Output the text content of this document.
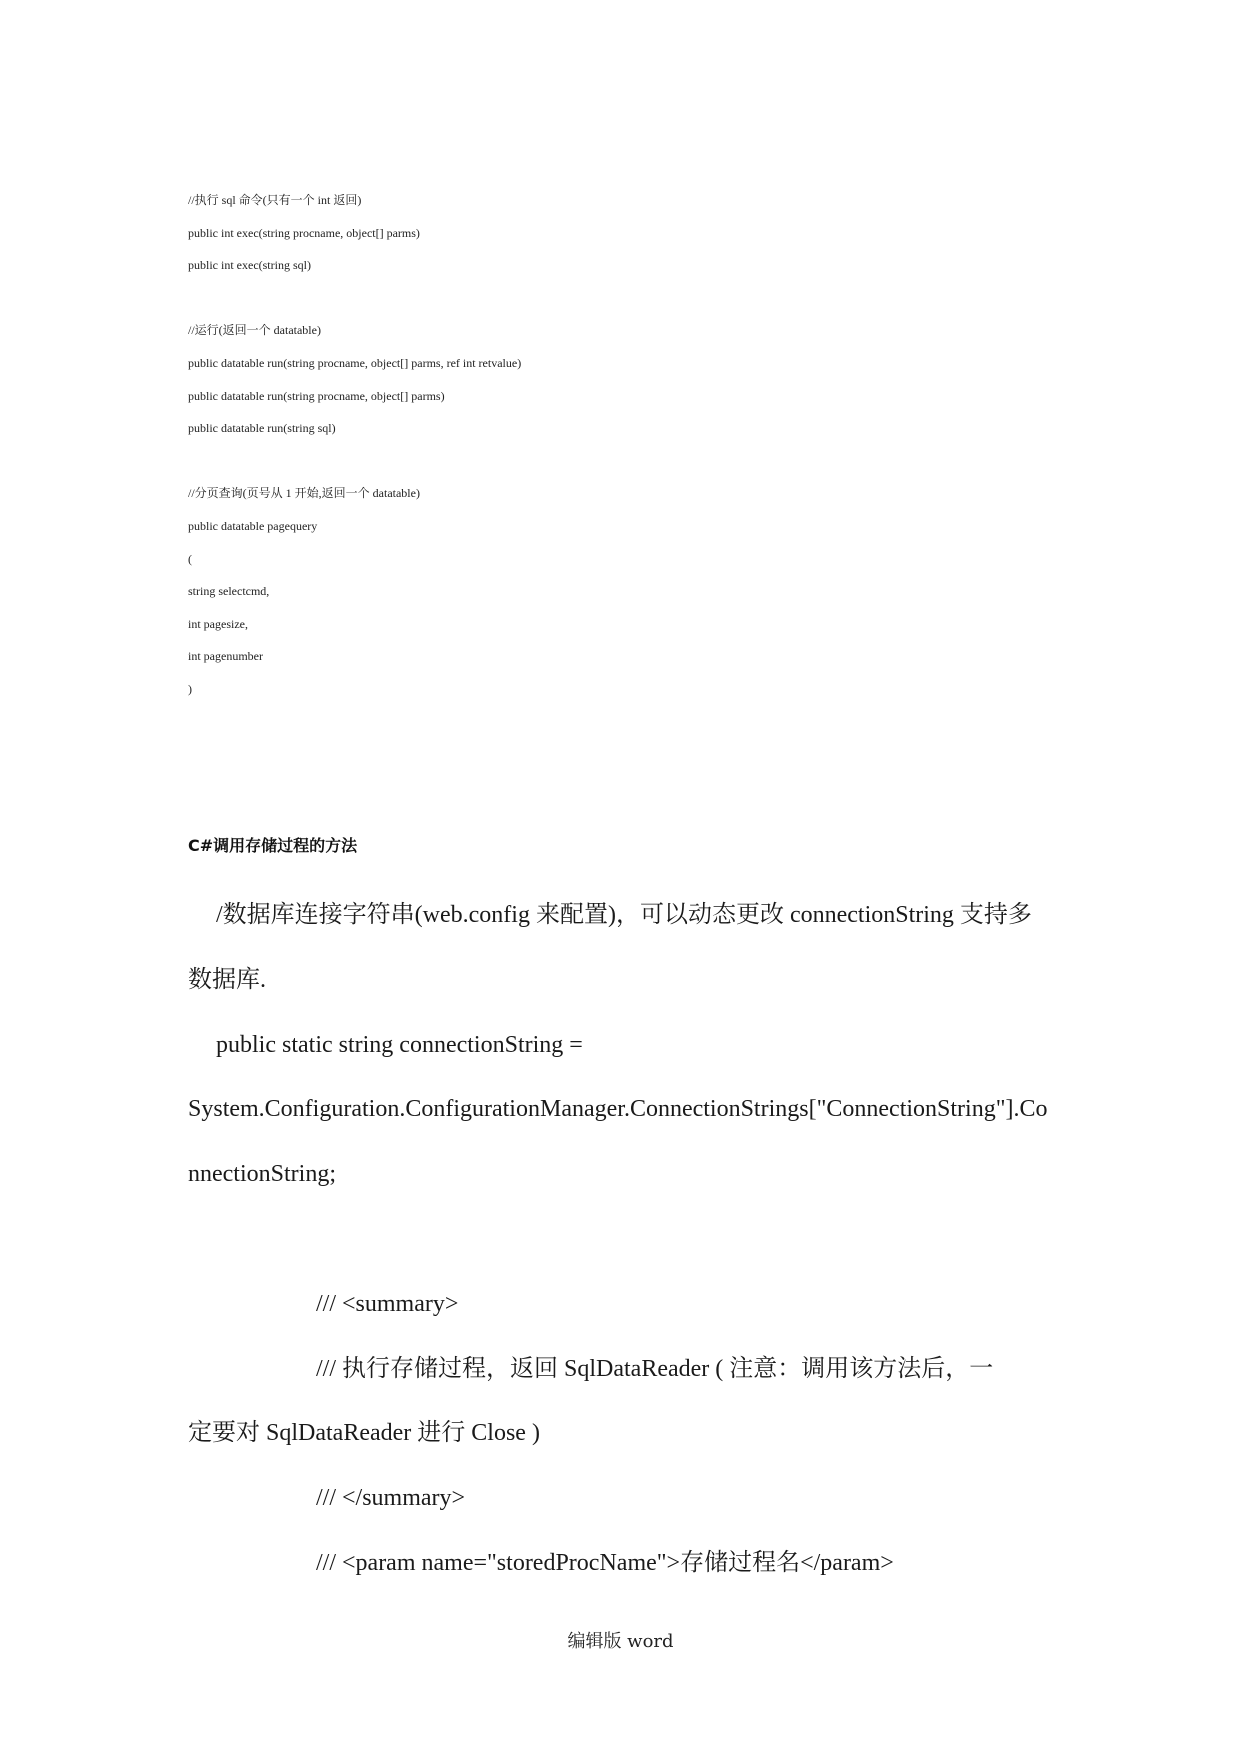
//执行 sql 命令(只有一个 int 返回)
public int exec(string procname, object[] parms)
public int exec(string sql)
//运行(返回一个 datatable)
public datatable run(string procname, object[] parms, ref int retvalue)
public datatable run(string procname, object[] parms)
public datatable run(string sql)
//分页查询(页号从 1 开始,返回一个 datatable)
public datatable pagequery
(
string selectcmd,
int pagesize,
int pagenumber
)
C#调用存储过程的方法
/数据库连接字符串(web.config 来配置)，可以动态更改 connectionString 支持多
数据库.
public static string connectionString =
System.Configuration.ConfigurationManager.ConnectionStrings["ConnectionString"].Co
nnectionString;
/// <summary>
/// 执行存储过程，返回 SqlDataReader ( 注意：调用该方法后，一
定要对 SqlDataReader 进行 Close )
/// </summary>
/// <param name="storedProcName">存储过程名</param>
编辑版 word
